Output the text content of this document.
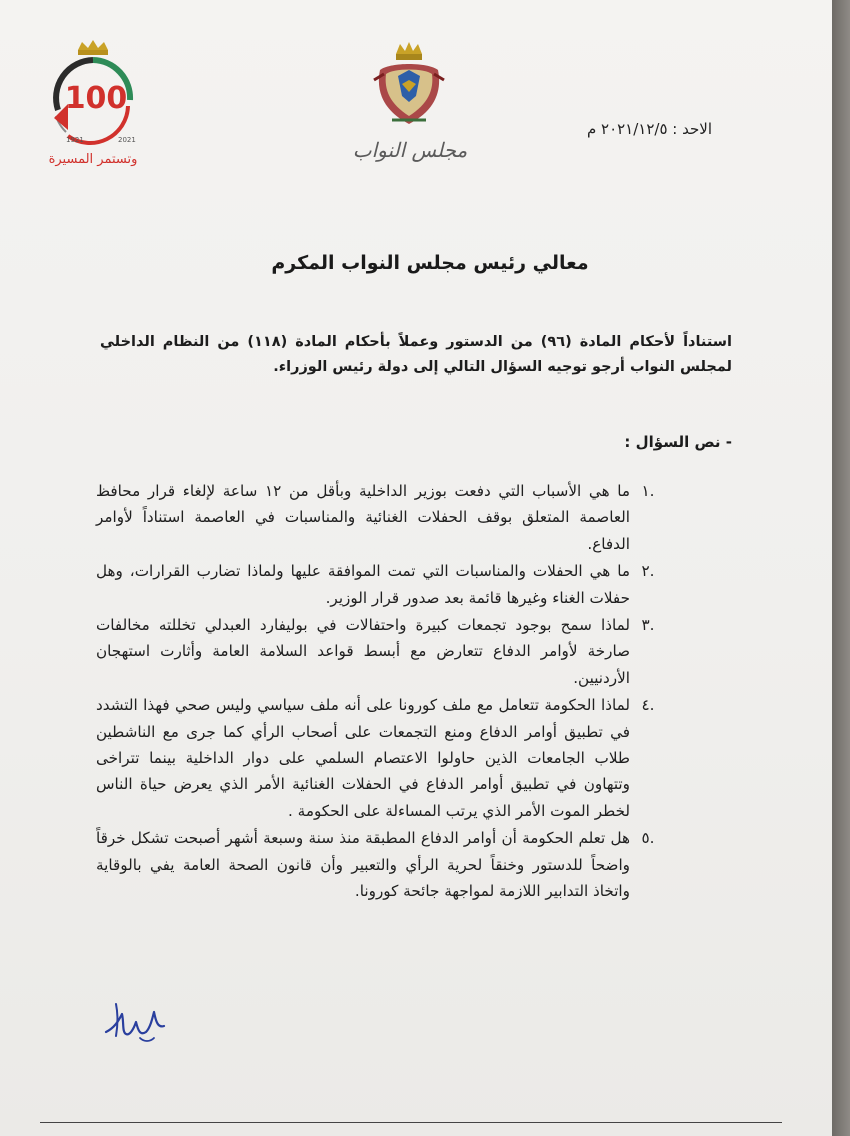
100
1921	2021
وتستمر المسيرة	مجلس النواب
الاحد : ٢٠٢١/١٢/٥ م
معالي رئيس مجلس النواب المكرم
استناداً لأحكام المادة (٩٦) من الدستور وعملاً بأحكام المادة (١١٨) من النظام الداخلي لمجلس النواب أرجو توجيه السؤال التالي إلى دولة رئيس الوزراء.
- نص السؤال :
.١
ما هي الأسباب التي دفعت بوزير الداخلية وبأقل من ١٢ ساعة لإلغاء قرار محافظ العاصمة المتعلق بوقف الحفلات الغنائية والمناسبات في العاصمة استناداً لأوامر الدفاع.
.٢
ما هي الحفلات والمناسبات التي تمت الموافقة عليها ولماذا تضارب القرارات، وهل حفلات الغناء وغيرها قائمة بعد صدور قرار الوزير.
.٣
لماذا سمح بوجود تجمعات كبيرة واحتفالات في بوليفارد العبدلي تخللته مخالفات صارخة لأوامر الدفاع تتعارض مع أبسط قواعد السلامة العامة وأثارت استهجان الأردنيين.
.٤
لماذا الحكومة تتعامل مع ملف كورونا على أنه ملف سياسي وليس صحي فهذا التشدد في تطبيق أوامر الدفاع ومنع التجمعات على أصحاب الرأي كما جرى مع الناشطين طلاب الجامعات الذين حاولوا الاعتصام السلمي على دوار الداخلية بينما تتراخى وتتهاون في تطبيق أوامر الدفاع في الحفلات الغنائية الأمر الذي يعرض حياة الناس لخطر الموت الأمر الذي يرتب المساءلة على الحكومة .
.٥
هل تعلم الحكومة أن أوامر الدفاع المطبقة منذ سنة وسبعة أشهر أصبحت تشكل خرقاً واضحاً للدستور وخنقاً لحرية الرأي والتعبير وأن قانون الصحة العامة يفي بالوقاية واتخاذ التدابير اللازمة لمواجهة جائحة كورونا.
